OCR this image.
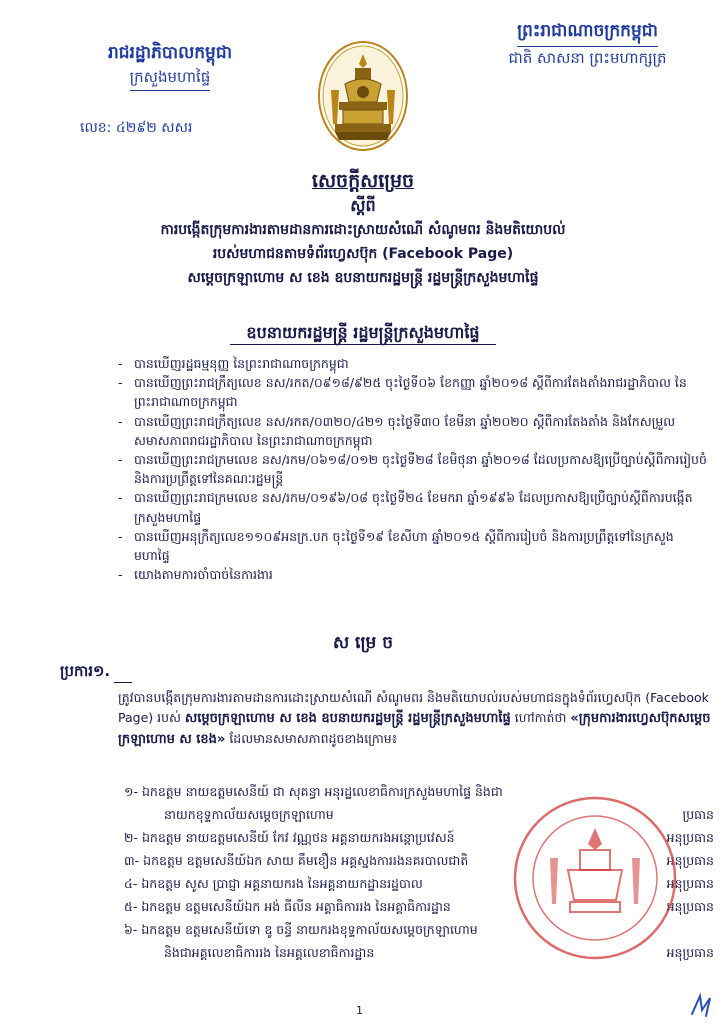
រាជរដ្ឋាភិបាលកម្ពុជា
ក្រសួងមហាផ្ទៃ
លេខ: ៤២៩២ សសរ
ព្រះរាជាណាចក្រកម្ពុជា
ជាតិ សាសនា ព្រះមហាក្សត្រ
សេចក្តីសម្រេច
ស្តីពី
ការបង្កើតក្រុមការងារតាមដានការដោះស្រាយសំណើ សំណូមពរ និងមតិយោបល់
របស់មហាជនតាមទំព័រហ្វេសប៊ុក (Facebook Page)
សម្តេចក្រឡាហោម ស ខេង ឧបនាយករដ្ឋមន្ត្រី រដ្ឋមន្ត្រីក្រសួងមហាផ្ទៃ
ឧបនាយករដ្ឋមន្ត្រី រដ្ឋមន្ត្រីក្រសួងមហាផ្ទៃ
- បានឃើញរដ្ឋធម្មនុញ្ញ នៃព្រះរាជាណាចក្រកម្ពុជា
- បានឃើញព្រះរាជក្រឹត្យលេខ នស/រកត/០៩១៨/៩២៥ ចុះថ្ងៃទី០៦ ខែកញ្ញា ឆ្នាំ២០១៨ ស្តីពីការតែងតាំងរាជរដ្ឋាភិបាល នៃព្រះរាជាណាចក្រកម្ពុជា
- បានឃើញព្រះរាជក្រឹត្យលេខ នស/រកត/០៣២០/៤២១ ចុះថ្ងៃទី៣០ ខែមីនា ឆ្នាំ២០២០ ស្តីពីការតែងតាំង និងកែសម្រួលសមាសភាពរាជរដ្ឋាភិបាល នៃព្រះរាជាណាចក្រកម្ពុជា
- បានឃើញព្រះរាជក្រមលេខ នស/រកម/០៦១៨/០១២ ចុះថ្ងៃទី២៨ ខែមិថុនា ឆ្នាំ២០១៨ ដែលប្រកាសឱ្យប្រើច្បាប់ស្តីពីការរៀបចំ និងការប្រព្រឹត្តទៅនៃគណៈរដ្ឋមន្ត្រី
- បានឃើញព្រះរាជក្រមលេខ នស/រកម/០១៩៦/០៨ ចុះថ្ងៃទី២៤ ខែមករា ឆ្នាំ១៩៩៦ ដែលប្រកាសឱ្យប្រើច្បាប់ស្តីពីការបង្កើតក្រសួងមហាផ្ទៃ
- បានឃើញអនុក្រឹត្យលេខ១១០៩អនក្រ.បក ចុះថ្ងៃទី១៩ ខែសីហា ឆ្នាំ២០១៥ ស្តីពីការរៀបចំ និងការប្រព្រឹត្តទៅនៃក្រសួងមហាផ្ទៃ
- យោងតាមការចាំបាច់នៃការងារ
ស ម្រេ ច
ប្រការ១.
ត្រូវបានបង្កើតក្រុមការងារតាមដានការដោះស្រាយសំណើ សំណូមពរ និងមតិយោបល់របស់មហាជនក្នុងទំព័រហ្វេសប៊ុក (Facebook Page) របស់ សម្តេចក្រឡាហោម ស ខេង ឧបនាយករដ្ឋមន្ត្រី រដ្ឋមន្ត្រីក្រសួងមហាផ្ទៃ ហៅកាត់ថា «ក្រុមការងារហ្វេសប៊ុកសម្តេចក្រឡាហោម ស ខេង» ដែលមានសមាសភាពដូចខាងក្រោម៖
១- ឯកឧត្តម នាយឧត្តមសេនីយ៍ ជា សុគន្ធា អនុរដ្ឋលេខាធិការក្រសួងមហាផ្ទៃ និងជា
នាយកខុទ្ទកាល័យសម្តេចក្រឡាហោម	ប្រធាន
២- ឯកឧត្តម នាយឧត្តមសេនីយ៍ កែវ វណ្ណថន អគ្គនាយករងអន្តោប្រវេសន៍	អនុប្រធាន
៣- ឯកឧត្តម ឧត្តមសេនីយ៍ឯក សាយ គឹមខឿន អគ្គស្នងការរងនគរបាលជាតិ	អនុប្រធាន
៤- ឯកឧត្តម សូស ប្រាជ្ញា អគ្គនាយករង នៃអគ្គនាយកដ្ឋានរដ្ឋបាល	អនុប្រធាន
៥- ឯកឧត្តម ឧត្តមសេនីយ៍ឯក អង់ ធីលីន អគ្គាធិការរង នៃអគ្គាធិការដ្ឋាន	អនុប្រធាន
៦- ឯកឧត្តម ឧត្តមសេនីយ៍ទោ ឌូ ចន្ធី នាយករងខុទ្ទកាល័យសម្តេចក្រឡាហោម
និងជាអគ្គលេខាធិការរង នៃអគ្គលេខាធិការដ្ឋាន	អនុប្រធាន
1
